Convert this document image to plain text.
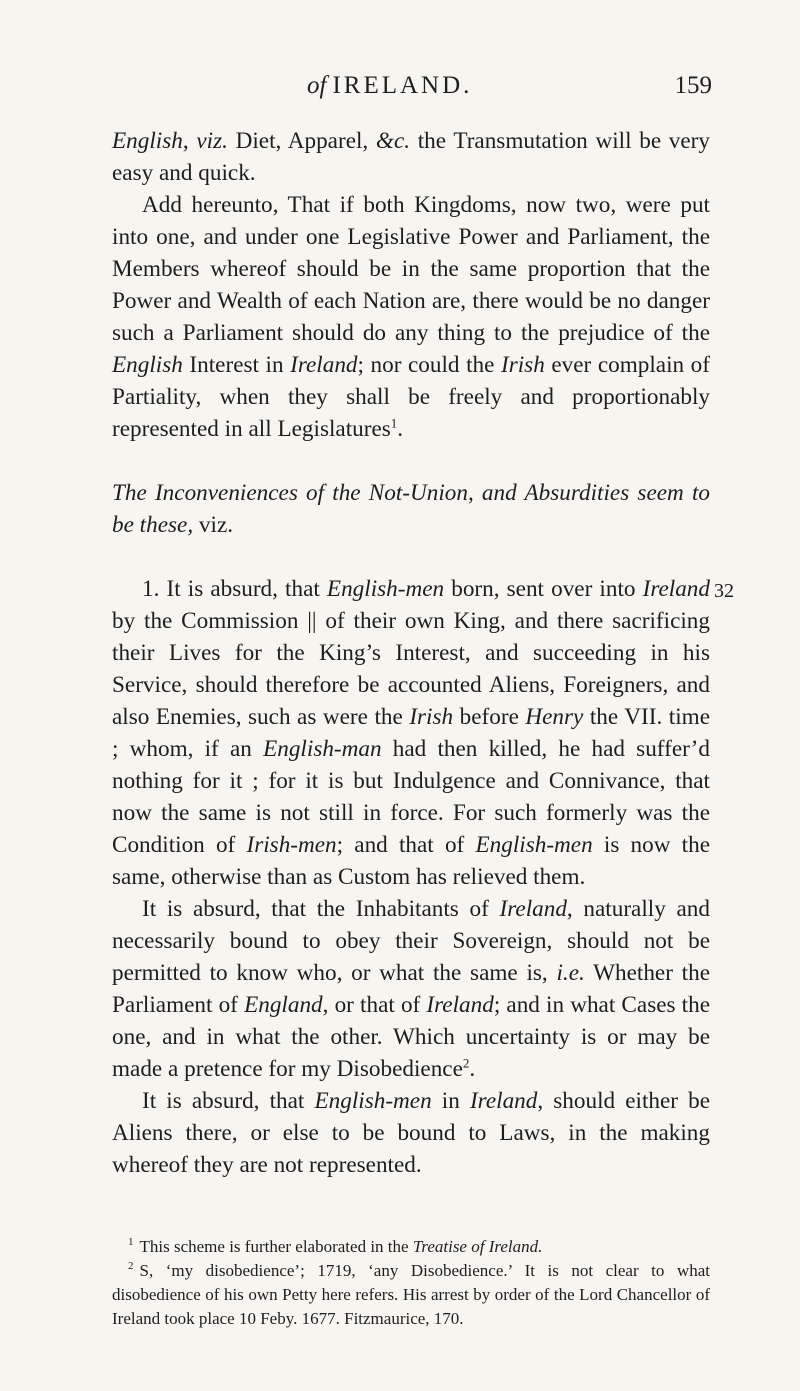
of IRELAND.	159
32

English, viz. Diet, Apparel, &c. the Transmutation will be very easy and quick.

Add hereunto, That if both Kingdoms, now two, were put into one, and under one Legislative Power and Parliament, the Members whereof should be in the same proportion that the Power and Wealth of each Nation are, there would be no danger such a Parliament should do any thing to the prejudice of the English Interest in Ireland; nor could the Irish ever complain of Partiality, when they shall be freely and proportionably represented in all Legislatures$^1$.

The Inconveniences of the Not-Union, and Absurdities seem to be these, viz.

1. It is absurd, that English-men born, sent over into Ireland by the Commission || of their own King, and there sacrificing their Lives for the King’s Interest, and succeeding in his Service, should therefore be accounted Aliens, Foreigners, and also Enemies, such as were the Irish before Henry the VII. time ; whom, if an English-man had then killed, he had suffer’d nothing for it ; for it is but Indulgence and Connivance, that now the same is not still in force. For such formerly was the Condition of Irish-men; and that of English-men is now the same, otherwise than as Custom has relieved them.

It is absurd, that the Inhabitants of Ireland, naturally and necessarily bound to obey their Sovereign, should not be permitted to know who, or what the same is, i.e. Whether the Parliament of England, or that of Ireland; and in what Cases the one, and in what the other. Which uncertainty is or may be made a pretence for my Disobedience$^2$.

It is absurd, that English-men in Ireland, should either be Aliens there, or else to be bound to Laws, in the making whereof they are not represented.

$^1$ This scheme is further elaborated in the Treatise of Ireland.

$^2$ S, ‘my disobedience’; 1719, ‘any Disobedience.’ It is not clear to what disobedience of his own Petty here refers. His arrest by order of the Lord Chancellor of Ireland took place 10 Feby. 1677. Fitzmaurice, 170.
